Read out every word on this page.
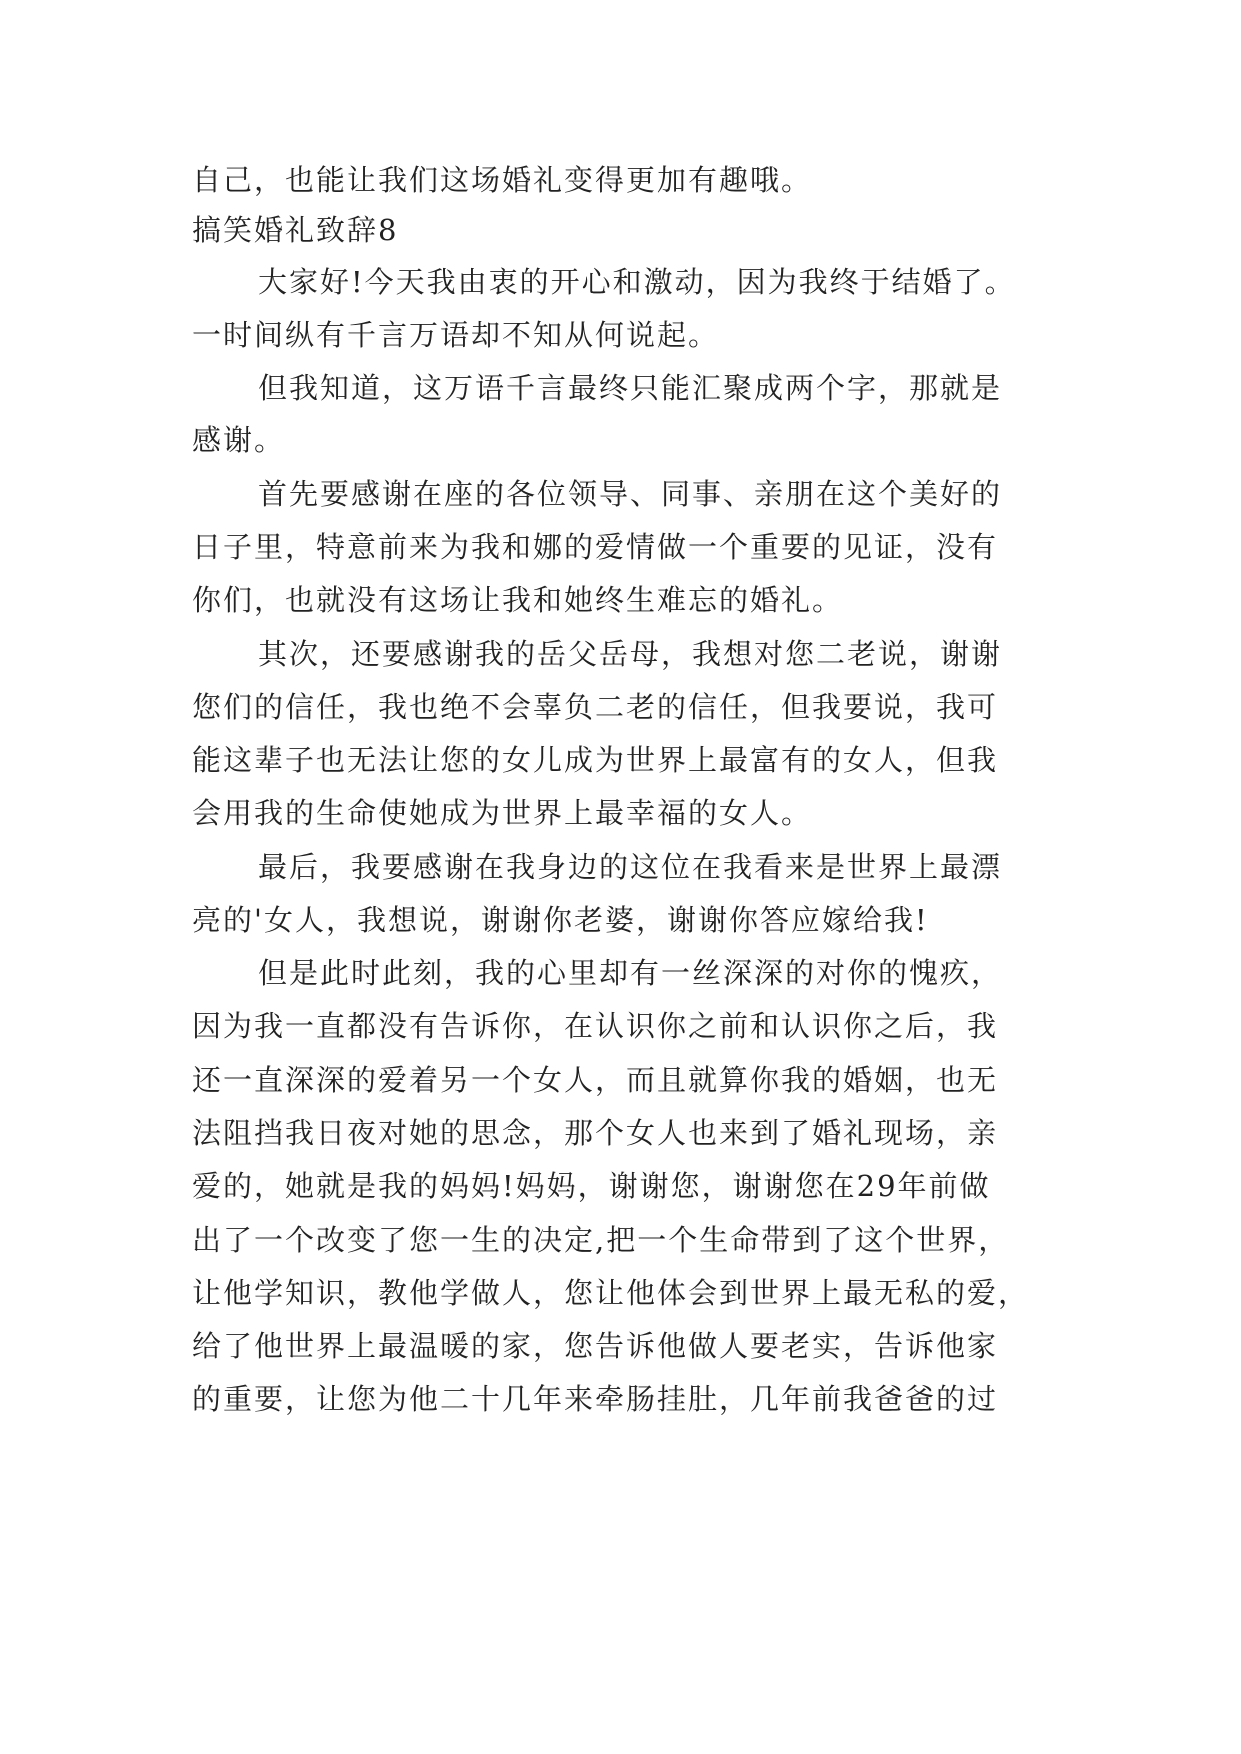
自己，也能让我们这场婚礼变得更加有趣哦。
搞笑婚礼致辞8
大家好!今天我由衷的开心和激动，因为我终于结婚了。
一时间纵有千言万语却不知从何说起。
但我知道，这万语千言最终只能汇聚成两个字，那就是
感谢。
首先要感谢在座的各位领导、同事、亲朋在这个美好的
日子里，特意前来为我和娜的爱情做一个重要的见证，没有
你们，也就没有这场让我和她终生难忘的婚礼。
其次，还要感谢我的岳父岳母，我想对您二老说，谢谢
您们的信任，我也绝不会辜负二老的信任，但我要说，我可
能这辈子也无法让您的女儿成为世界上最富有的女人，但我
会用我的生命使她成为世界上最幸福的女人。
最后，我要感谢在我身边的这位在我看来是世界上最漂
亮的'女人，我想说，谢谢你老婆，谢谢你答应嫁给我!
但是此时此刻，我的心里却有一丝深深的对你的愧疚，
因为我一直都没有告诉你，在认识你之前和认识你之后，我
还一直深深的爱着另一个女人，而且就算你我的婚姻，也无
法阻挡我日夜对她的思念，那个女人也来到了婚礼现场，亲
爱的，她就是我的妈妈!妈妈，谢谢您，谢谢您在29年前做
出了一个改变了您一生的决定,把一个生命带到了这个世界，
让他学知识，教他学做人，您让他体会到世界上最无私的爱，
给了他世界上最温暖的家，您告诉他做人要老实，告诉他家
的重要，让您为他二十几年来牵肠挂肚，几年前我爸爸的过
